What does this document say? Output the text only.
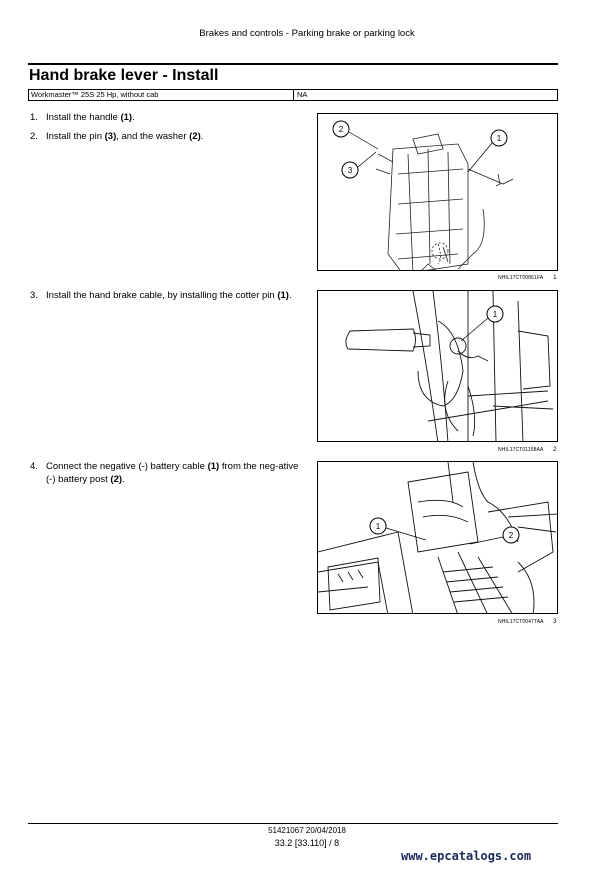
Brakes and controls - Parking brake or parking lock
Hand brake lever - Install
Workmaster™ 25S 25 Hp, without cab	NA
1. Install the handle (1).
2. Install the pin (3), and the washer (2).
3. Install the hand brake cable, by installing the cotter pin (1).
4. Connect the negative (-) battery cable (1) from the neg-ative (-) battery post (2).
2
3
1
NHIL17CT00861FA 1
1
NHIL17CT01158AA 2
1
2
NHIL17CT0047TAA 3
51421067 20/04/2018
33.2 [33.110] / 8
www.epcatalogs.com
